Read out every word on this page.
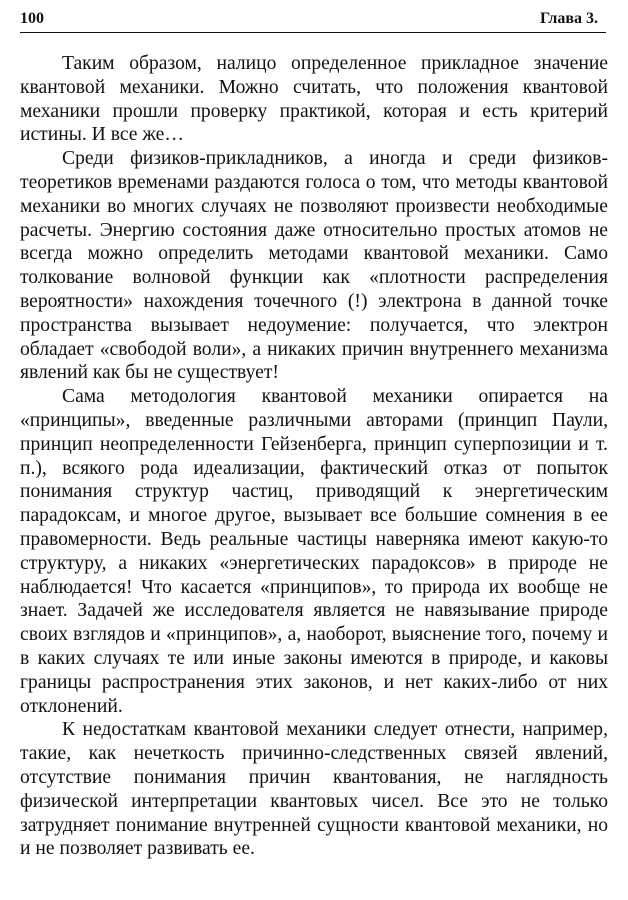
100	Глава 3.

Таким образом, налицо определенное прикладное значение квантовой механики. Можно считать, что положения квантовой механики прошли проверку практикой, которая и есть критерий истины. И все же…

Среди физиков-прикладников, а иногда и среди физиков-теоретиков временами раздаются голоса о том, что методы квантовой механики во многих случаях не позволяют произвести необходимые расчеты. Энергию состояния даже относительно простых атомов не всегда можно определить методами квантовой механики. Само толкование волновой функции как «плотности распределения вероятности» нахождения точечного (!) электрона в данной точке пространства вызывает недоумение: получается, что электрон обладает «свободой воли», а никаких причин внутреннего механизма явлений как бы не существует!

Сама методология квантовой механики опирается на «принципы», введенные различными авторами (принцип Паули, принцип неопределенности Гейзенберга, принцип суперпозиции и т. п.), всякого рода идеализации, фактический отказ от попыток понимания структур частиц, приводящий к энергетическим парадоксам, и многое другое, вызывает все большие сомнения в ее правомерности. Ведь реальные частицы наверняка имеют какую-то структуру, а никаких «энергетических парадоксов» в природе не наблюдается! Что касается «принципов», то природа их вообще не знает. Задачей же исследователя является не навязывание природе своих взглядов и «принципов», а, наоборот, выяснение того, почему и в каких случаях те или иные законы имеются в природе, и каковы границы распространения этих законов, и нет каких-либо от них отклонений.

К недостаткам квантовой механики следует отнести, например, такие, как нечеткость причинно-следственных связей явлений, отсутствие понимания причин квантования, не наглядность физической интерпретации квантовых чисел. Все это не только затрудняет понимание внутренней сущности квантовой механики, но и не позволяет развивать ее.
